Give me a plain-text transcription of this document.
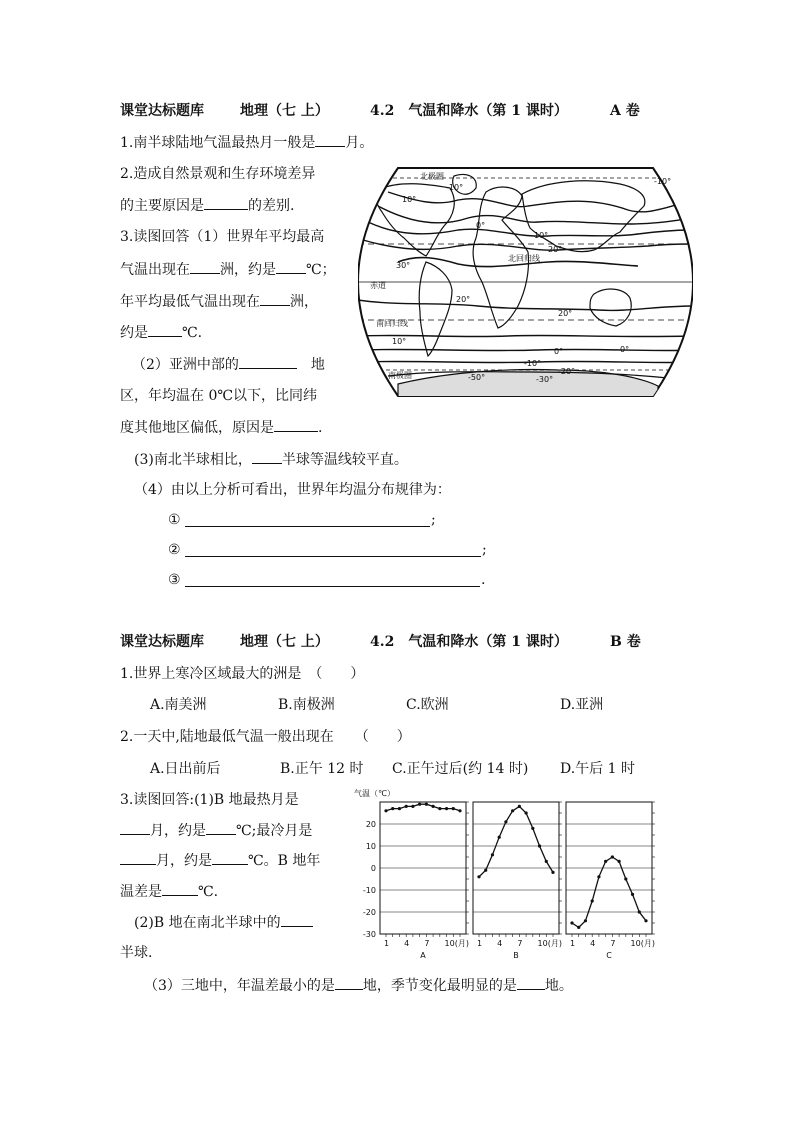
课堂达标题库	地理（七 上）	4.2　气温和降水（第 1 课时）	A 卷
1.南半球陆地气温最热月一般是 月。
2.造成自然景观和生存环境差异
的主要原因是	的差别.
3.读图回答（1）世界年平均最高
气温出现在 洲，约是 ℃；
年平均最低气温出现在 洲，
约是 ℃.
（2）亚洲中部的	地
区，年均温在 0℃以下，比同纬
度其他地区偏低，原因是	.
(3)南北半球相比， 半球等温线较平直。
（4）由以上分析可看出，世界年均温分布规律为：
①	;
②	;
③	.
北极圈
-10°
-10°
10°
0°
10°
20°
30°
北回归线
赤道
20°
20°
南回归线
10°
0°
-10°
-20°
南极圈	-50°	-30°
0°
课堂达标题库	地理（七 上）	4.2　气温和降水（第 1 课时）	B 卷
1.世界上寒冷区域最大的洲是　（　　）
A.南美洲	B.南极洲	C.欧洲	D.亚洲
2.一天中,陆地最低气温一般出现在　　（　　）
A.日出前后	B.正午 12 时 C.正午过后(约 14 时) D.午后 1 时
3.读图回答:(1)B 地最热月是
月，约是 ℃;最冷月是
月，约是	℃。B 地年
温差是	℃.
(2)B 地在南北半球中的
半球.
（3）三地中，年温差最小的是 地，季节变化最明显的是 地。
气温（℃）
20
10
0
-10
-20
-30
1 4 7 10(月)
A
1 4 7 10(月)
B
1 4 7 10(月)
C
